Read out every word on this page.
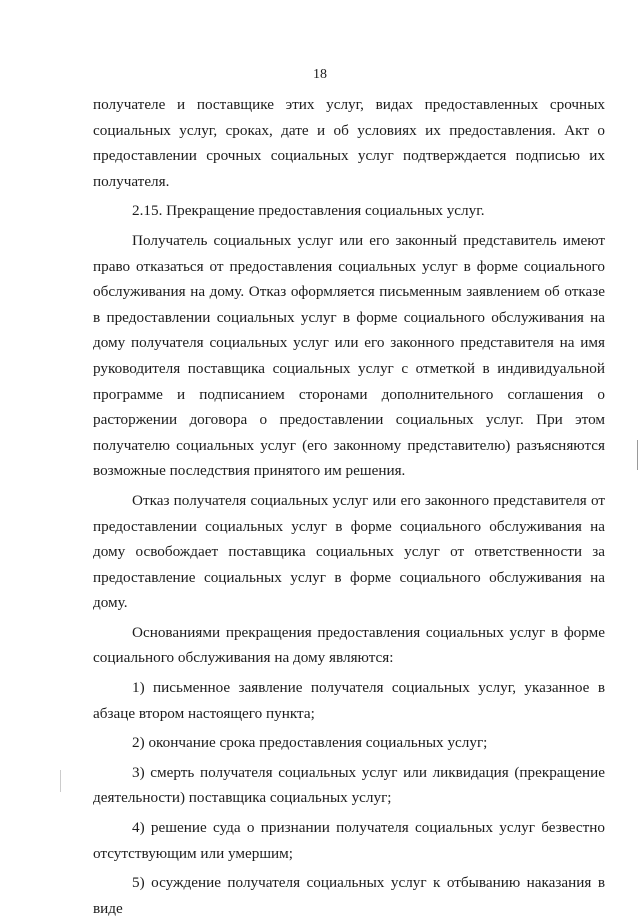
18

получателе и поставщике этих услуг, видах предоставленных срочных социальных услуг, сроках, дате и об условиях их предоставления. Акт о предоставлении срочных социальных услуг подтверждается подписью их получателя.

2.15. Прекращение предоставления социальных услуг.

Получатель социальных услуг или его законный представитель имеют право отказаться от предоставления социальных услуг в форме социального обслуживания на дому. Отказ оформляется письменным заявлением об отказе в предоставлении социальных услуг в форме социального обслуживания на дому получателя социальных услуг или его законного представителя на имя руководителя поставщика социальных услуг с отметкой в индивидуальной программе и подписанием сторонами дополнительного соглашения о расторжении договора о предоставлении социальных услуг. При этом получателю социальных услуг (его законному представителю) разъясняются возможные последствия принятого им решения.

Отказ получателя социальных услуг или его законного представителя от предоставлении социальных услуг в форме социального обслуживания на дому освобождает поставщика социальных услуг от ответственности за предоставление социальных услуг в форме социального обслуживания на дому.

Основаниями прекращения предоставления социальных услуг в форме социального обслуживания на дому являются:

1) письменное заявление получателя социальных услуг, указанное в абзаце втором настоящего пункта;

2) окончание срока предоставления социальных услуг;

3) смерть получателя социальных услуг или ликвидация (прекращение деятельности) поставщика социальных услуг;

4) решение суда о признании получателя социальных услуг безвестно отсутствующим или умершим;

5) осуждение получателя социальных услуг к отбыванию наказания в виде
